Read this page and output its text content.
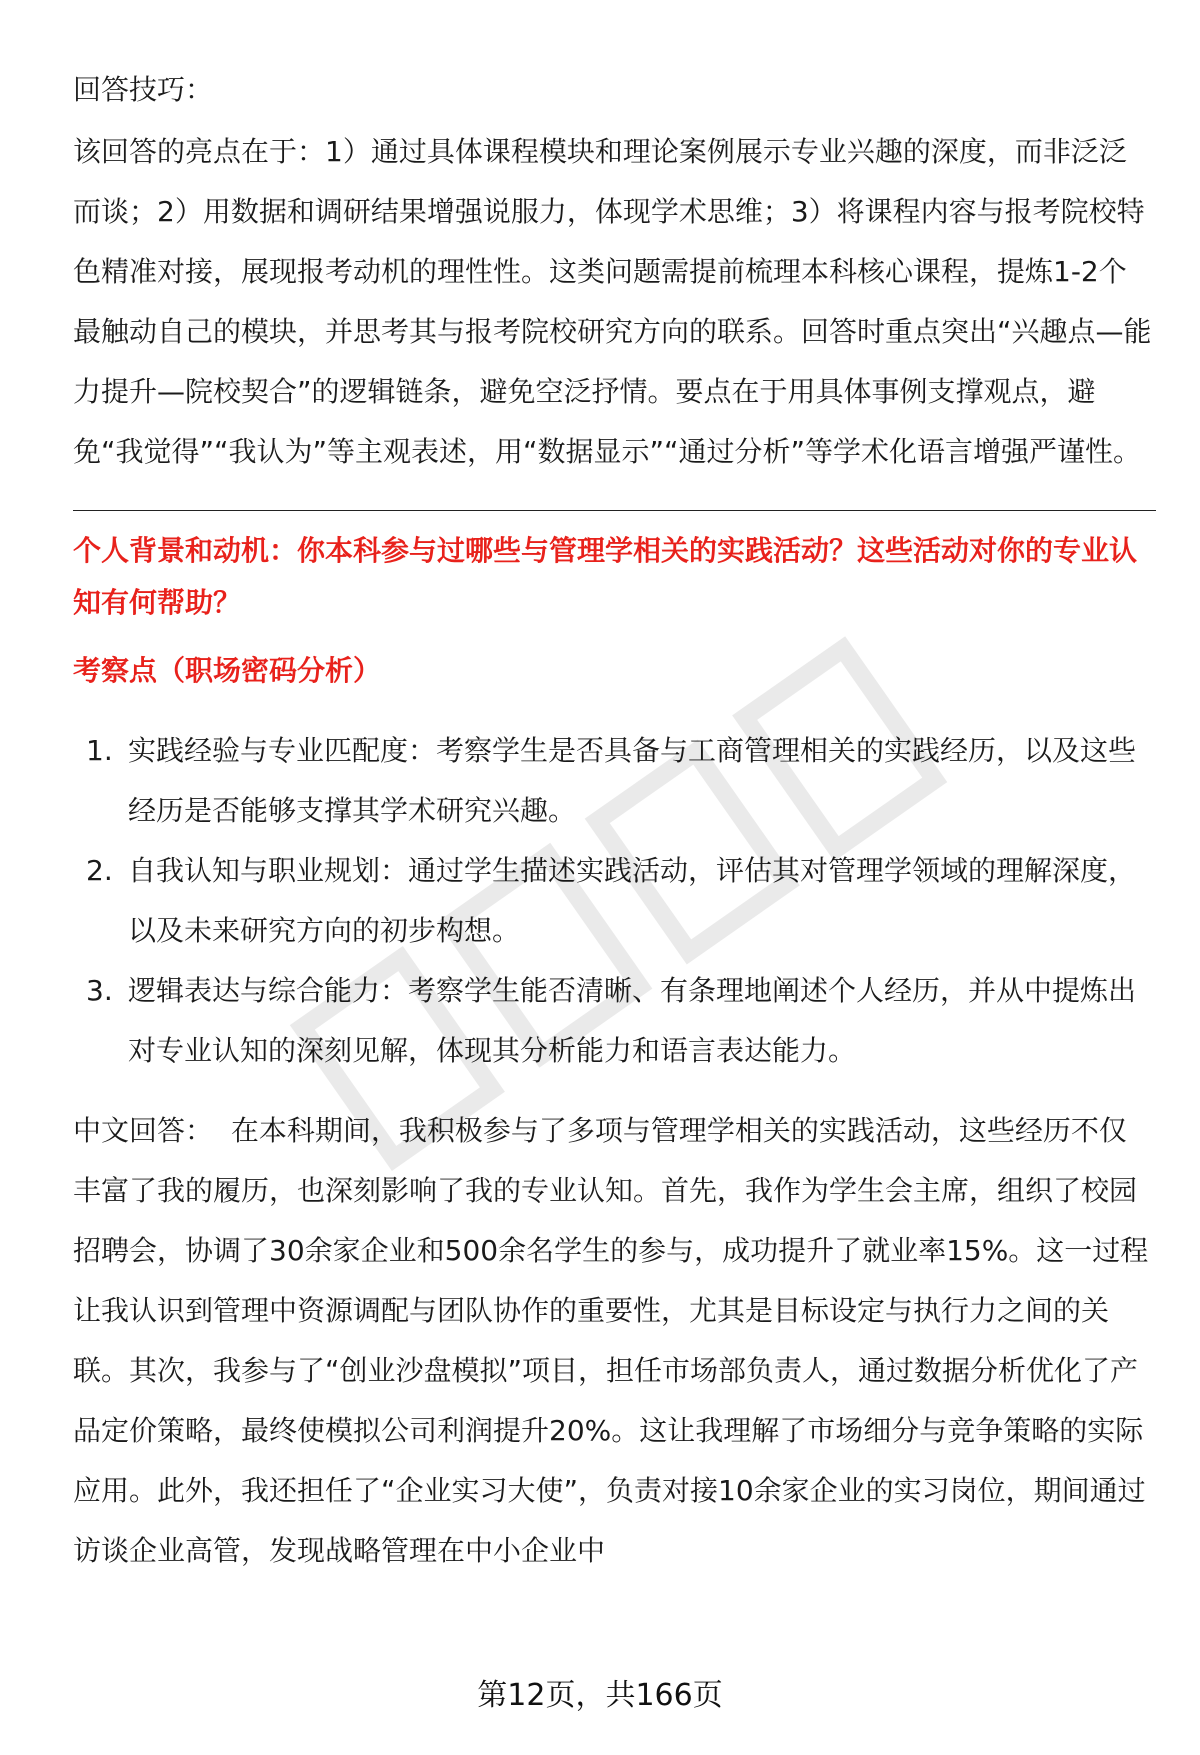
回答技巧：

该回答的亮点在于：1）通过具体课程模块和理论案例展示专业兴趣的深度，而非泛泛而谈；2）用数据和调研结果增强说服力，体现学术思维；3）将课程内容与报考院校特色精准对接，展现报考动机的理性性。这类问题需提前梳理本科核心课程，提炼1-2个最触动自己的模块，并思考其与报考院校研究方向的联系。回答时重点突出“兴趣点—能力提升—院校契合”的逻辑链条，避免空泛抒情。要点在于用具体事例支撑观点，避免“我觉得”“我认为”等主观表述，用“数据显示”“通过分析”等学术化语言增强严谨性。

个人背景和动机：你本科参与过哪些与管理学相关的实践活动？这些活动对你的专业认知有何帮助？

考察点（职场密码分析）

1. 实践经验与专业匹配度：考察学生是否具备与工商管理相关的实践经历，以及这些经历是否能够支撑其学术研究兴趣。
2. 自我认知与职业规划：通过学生描述实践活动，评估其对管理学领域的理解深度，以及未来研究方向的初步构想。
3. 逻辑表达与综合能力：考察学生能否清晰、有条理地阐述个人经历，并从中提炼出对专业认知的深刻见解，体现其分析能力和语言表达能力。

中文回答： 在本科期间，我积极参与了多项与管理学相关的实践活动，这些经历不仅丰富了我的履历，也深刻影响了我的专业认知。首先，我作为学生会主席，组织了校园招聘会，协调了30余家企业和500余名学生的参与，成功提升了就业率15%。这一过程让我认识到管理中资源调配与团队协作的重要性，尤其是目标设定与执行力之间的关联。其次，我参与了“创业沙盘模拟”项目，担任市场部负责人，通过数据分析优化了产品定价策略，最终使模拟公司利润提升20%。这让我理解了市场细分与竞争策略的实际应用。此外，我还担任了“企业实习大使”，负责对接10余家企业的实习岗位，期间通过访谈企业高管，发现战略管理在中小企业中

第12页，共166页
